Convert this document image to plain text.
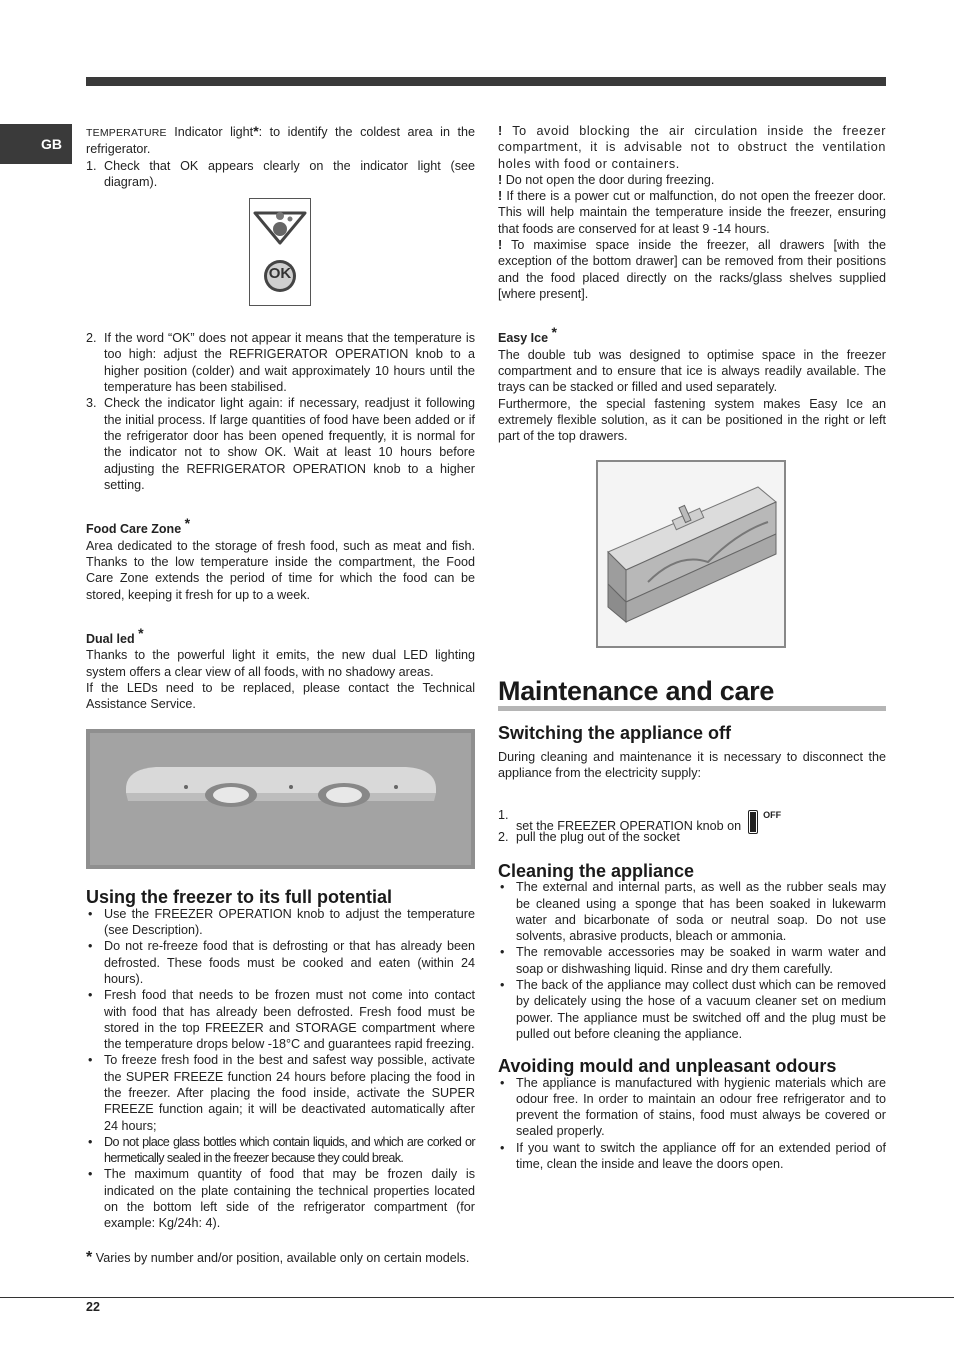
GB

TEMPERATURE Indicator light*: to identify the coldest area in the refrigerator.

1. Check that OK appears clearly on the indicator light (see diagram).
OK
2. If the word “OK” does not appear it means that the temperature is too high: adjust the REFRIGERATOR OPERATION knob to a higher position (colder) and wait approximately 10 hours until the temperature has been stabilised.
3. Check the indicator light again: if necessary, readjust it following the initial process. If large quantities of food have been added or if the refrigerator door has been opened frequently, it is normal for the indicator not to show OK. Wait at least 10 hours before adjusting the REFRIGERATOR OPERATION knob to a higher setting.
Food Care Zone *

Area dedicated to the storage of fresh food, such as meat and fish. Thanks to the low temperature inside the compartment, the Food Care Zone extends the period of time for which the food can be stored, keeping it fresh for up to a week.

Dual led *

Thanks to the powerful light it emits, the new dual LED lighting system offers a clear view of all foods, with no shadowy areas.

If the LEDs need to be replaced, please contact the Technical Assistance Service.

Using the freezer to its full potential
• Use the FREEZER OPERATION knob to adjust the temperature (see Description).
• Do not re-freeze food that is defrosting or that has already been defrosted. These foods must be cooked and eaten (within 24 hours).
• Fresh food that needs to be frozen must not come into contact with food that has already been defrosted. Fresh food must be stored in the top FREEZER and STORAGE compartment where the temperature drops below -18°C and guarantees rapid freezing.
• To freeze fresh food in the best and safest way possible, activate the SUPER FREEZE function 24 hours before placing the food in the freezer. After placing the food inside, activate the SUPER FREEZE function again; it will be deactivated automatically after 24 hours;
• Do not place glass bottles which contain liquids, and which are corked or hermetically sealed in the freezer because they could break.
• The maximum quantity of food that may be frozen daily is indicated on the plate containing the technical properties located on the bottom left side of the refrigerator compartment (for example: Kg/24h: 4).

* Varies by number and/or position, available only on certain models.

! To avoid blocking the air circulation inside the freezer compartment, it is advisable not to obstruct the ventilation holes with food or containers.

! Do not open the door during freezing.

! If there is a power cut or malfunction, do not open the freezer door. This will help maintain the temperature inside the freezer, ensuring that foods are conserved for at least 9 -14 hours.

! To maximise space inside the freezer, all drawers [with the exception of the bottom drawer] can be removed from their positions and the food placed directly on the racks/glass shelves supplied [where present].

Easy Ice *

The double tub was designed to optimise space in the freezer compartment and to ensure that ice is always readily available. The trays can be stacked or filled and used separately.

Furthermore, the special fastening system makes Easy Ice an extremely flexible solution, as it can be positioned in the right or left part of the top drawers.

Maintenance and care
Switching the appliance off

During cleaning and maintenance it is necessary to disconnect the appliance from the electricity supply:

1.
set the FREEZER OPERATION knob on
$^{OFF}$
2. pull the plug out of the socket
Cleaning the appliance
• The external and internal parts, as well as the rubber seals may be cleaned using a sponge that has been soaked in lukewarm water and bicarbonate of soda or neutral soap. Do not use solvents, abrasive products, bleach or ammonia.
• The removable accessories may be soaked in warm water and soap or dishwashing liquid. Rinse and dry them carefully.
• The back of the appliance may collect dust which can be removed by delicately using the hose of a vacuum cleaner set on medium power. The appliance must be switched off and the plug must be pulled out before cleaning the appliance.
Avoiding mould and unpleasant odours
• The appliance is manufactured with hygienic materials which are odour free. In order to maintain an odour free refrigerator and to prevent the formation of stains, food must always be covered or sealed properly.
• If you want to switch the appliance off for an extended period of time, clean the inside and leave the doors open.
22
